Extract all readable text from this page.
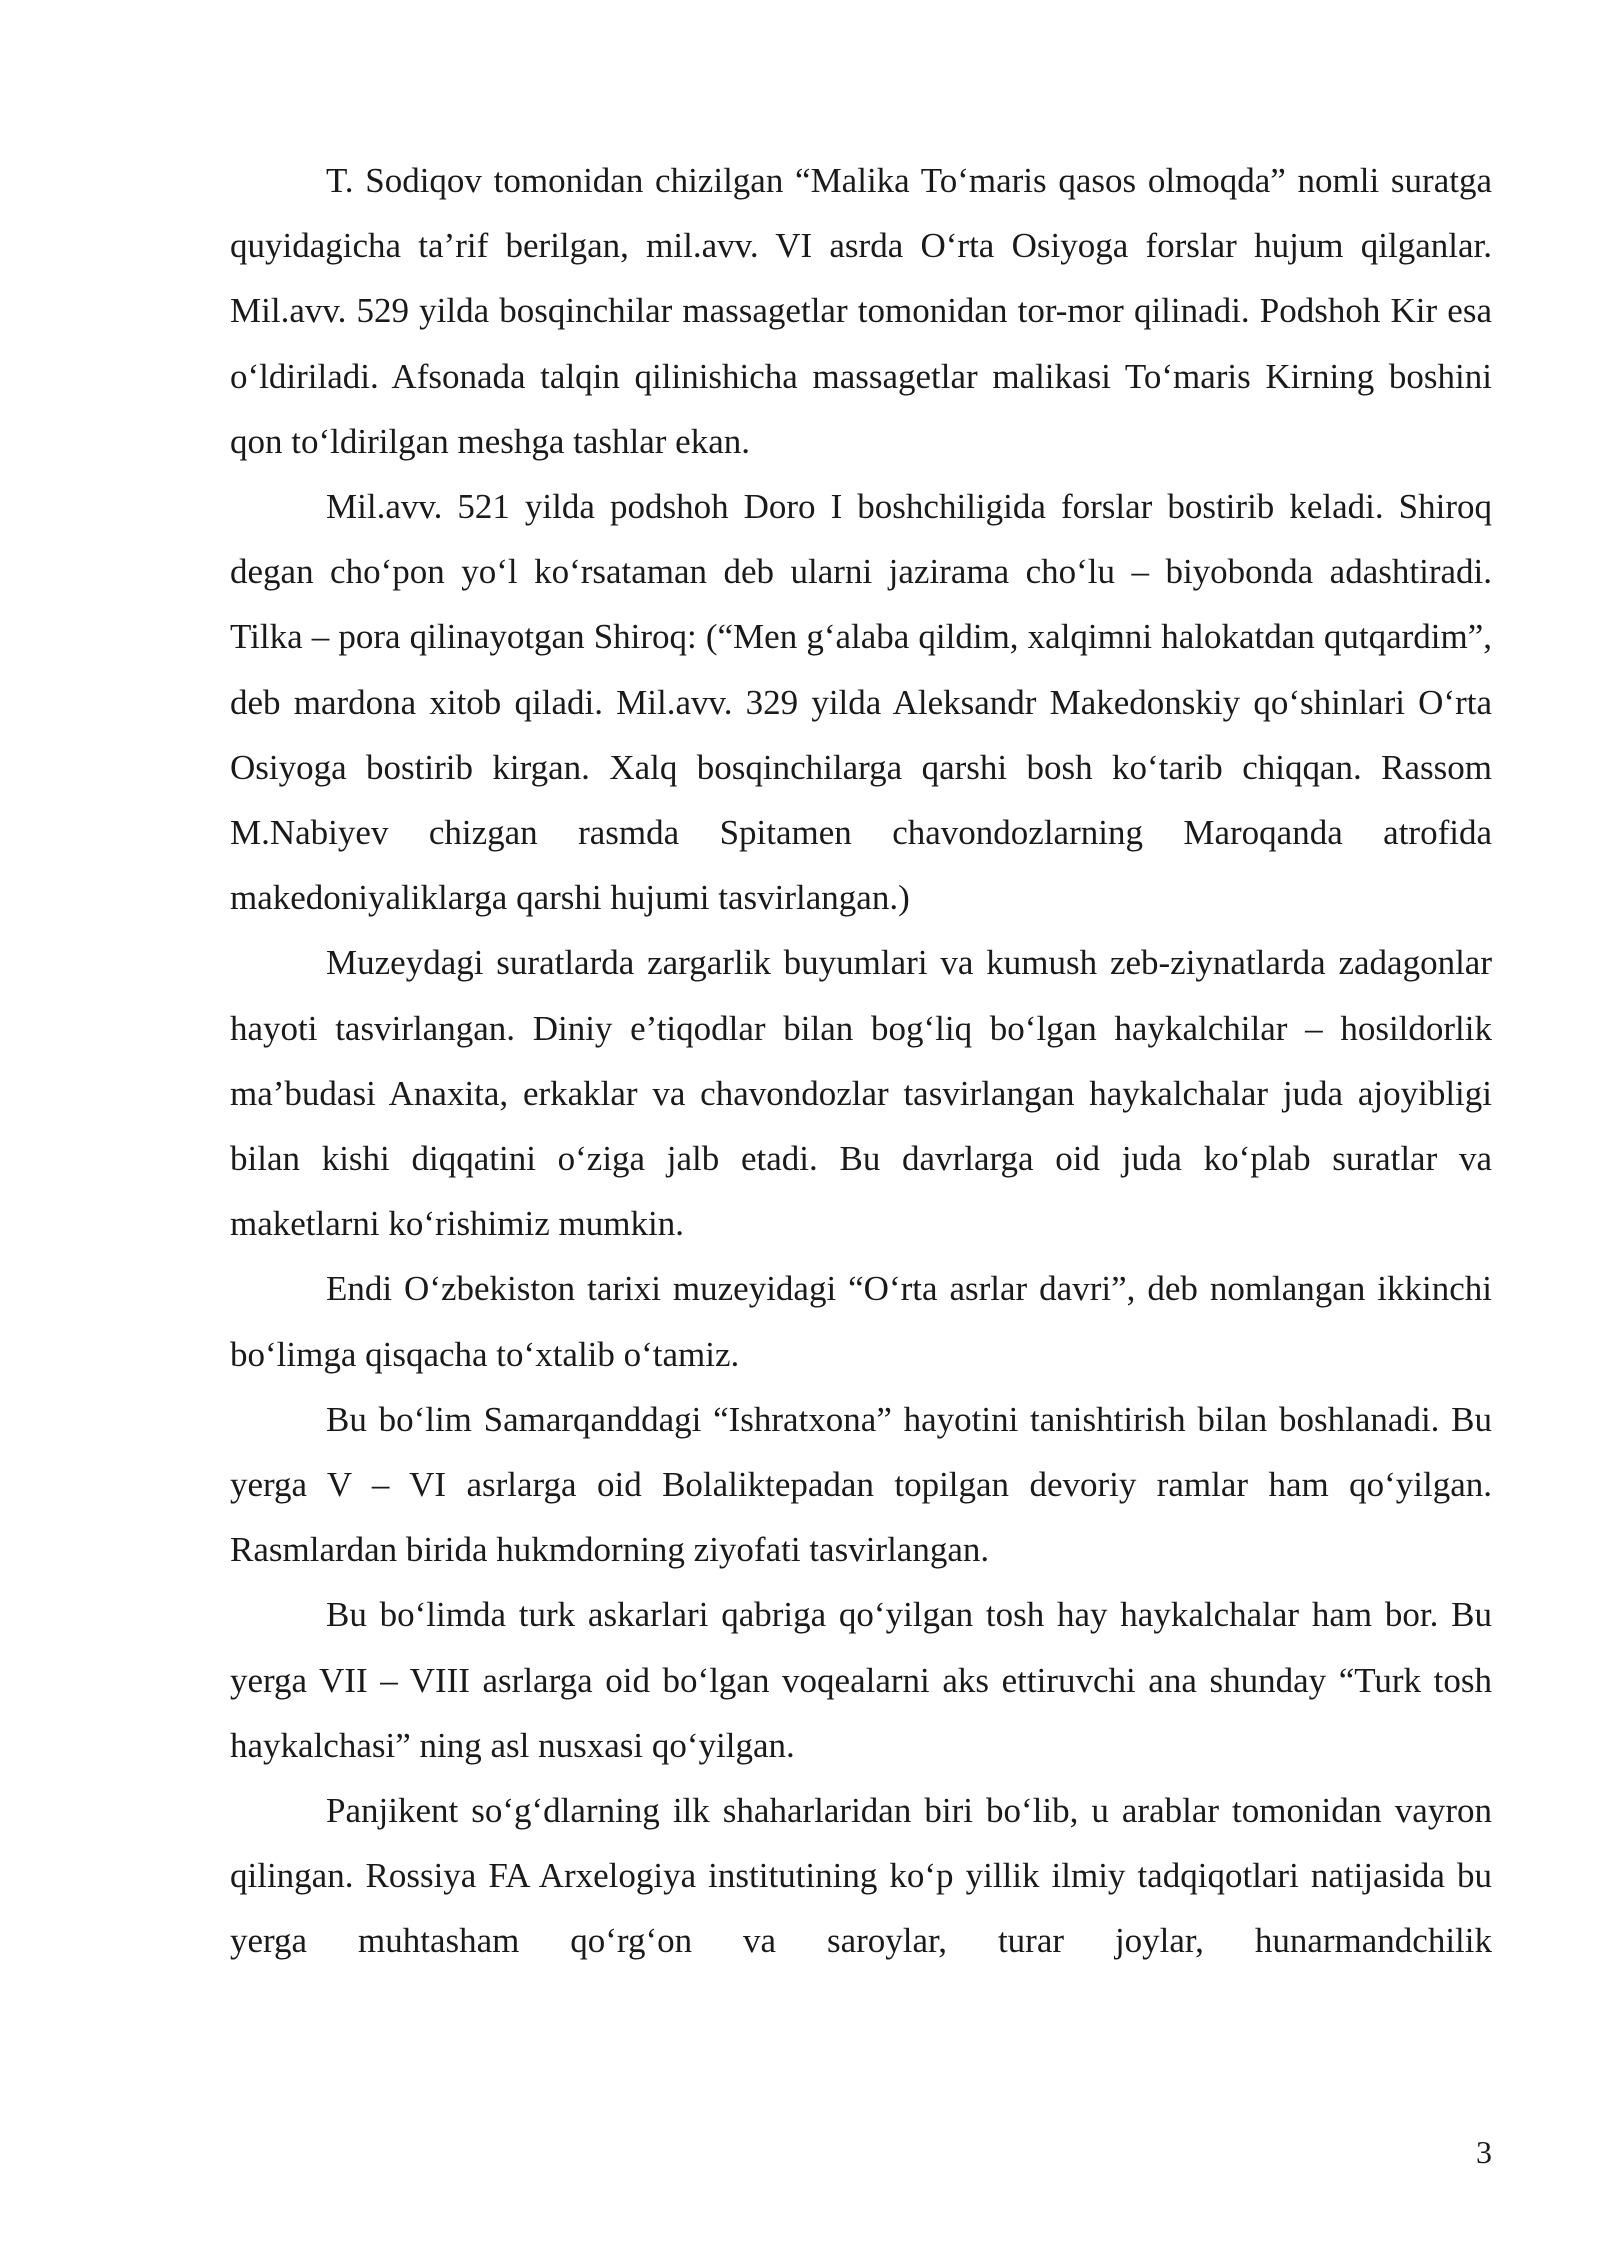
T. Sodiqov tomonidan chizilgan “Malika To‘maris qasos olmoqda” nomli suratga quyidagicha ta’rif berilgan, mil.avv. VI asrda O‘rta Osiyoga forslar hujum qilganlar. Mil.avv. 529 yilda bosqinchilar massagetlar tomonidan tor-mor qilinadi. Podshoh Kir esa o‘ldiriladi. Afsonada talqin qilinishicha massagetlar malikasi To‘maris Kirning boshini qon to‘ldirilgan meshga tashlar ekan.

Mil.avv. 521 yilda podshoh Doro I boshchiligida forslar bostirib keladi. Shiroq degan cho‘pon yo‘l ko‘rsataman deb ularni jazirama cho‘lu – biyobonda adashtiradi. Tilka – pora qilinayotgan Shiroq: (“Men g‘alaba qildim, xalqimni halokatdan qutqardim”, deb mardona xitob qiladi. Mil.avv. 329 yilda Aleksandr Makedonskiy qo‘shinlari O‘rta Osiyoga bostirib kirgan. Xalq bosqinchilarga qarshi bosh ko‘tarib chiqqan. Rassom M.Nabiyev chizgan rasmda Spitamen chavondozlarning Maroqanda atrofida makedoniyaliklarga qarshi hujumi tasvirlangan.)

Muzeydagi suratlarda zargarlik buyumlari va kumush zeb-ziynatlarda zadagonlar hayoti tasvirlangan. Diniy e’tiqodlar bilan bog‘liq bo‘lgan haykalchilar – hosildorlik ma’budasi Anaxita, erkaklar va chavondozlar tasvirlangan haykalchalar juda ajoyibligi bilan kishi diqqatini o‘ziga jalb etadi. Bu davrlarga oid juda ko‘plab suratlar va maketlarni ko‘rishimiz mumkin.

Endi O‘zbekiston tarixi muzeyidagi “O‘rta asrlar davri”, deb nomlangan ikkinchi bo‘limga qisqacha to‘xtalib o‘tamiz.

Bu bo‘lim Samarqanddagi “Ishratxona” hayotini tanishtirish bilan boshlanadi. Bu yerga V – VI asrlarga oid Bolaliktepadan topilgan devoriy ramlar ham qo‘yilgan. Rasmlardan birida hukmdorning ziyofati tasvirlangan.

Bu bo‘limda turk askarlari qabriga qo‘yilgan tosh hay haykalchalar ham bor. Bu yerga VII – VIII asrlarga oid bo‘lgan voqealarni aks ettiruvchi ana shunday “Turk tosh haykalchasi” ning asl nusxasi qo‘yilgan.

Panjikent so‘g‘dlarning ilk shaharlaridan biri bo‘lib, u arablar tomonidan vayron qilingan. Rossiya FA Arxelogiya institutining ko‘p yillik ilmiy tadqiqotlari natijasida bu yerga muhtasham qo‘rg‘on va saroylar, turar joylar, hunarmandchilik

3
